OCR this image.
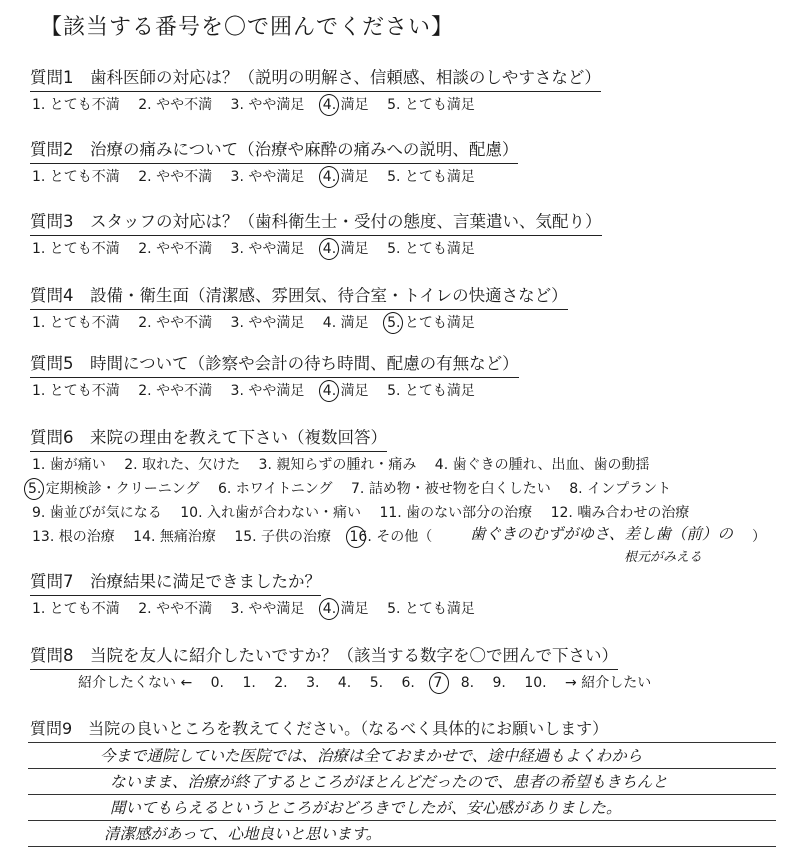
【該当する番号を〇で囲んでください】
質問1　歯科医師の対応は？（説明の明解さ、信頼感、相談のしやすさなど）
1. とても不満 2. やや不満 3. やや満足 4. 満足 5. とても満足
質問2　治療の痛みについて（治療や麻酔の痛みへの説明、配慮）
1. とても不満 2. やや不満 3. やや満足 4. 満足 5. とても満足
質問3　スタッフの対応は？（歯科衛生士・受付の態度、言葉遣い、気配り）
1. とても不満 2. やや不満 3. やや満足 4. 満足 5. とても満足
質問4　設備・衛生面（清潔感、雰囲気、待合室・トイレの快適さなど）
1. とても不満 2. やや不満 3. やや満足 4. 満足 5. とても満足
質問5　時間について（診察や会計の待ち時間、配慮の有無など）
1. とても不満 2. やや不満 3. やや満足 4. 満足 5. とても満足
質問6　来院の理由を教えて下さい（複数回答）
1. 歯が痛い 2. 取れた、欠けた 3. 親知らずの腫れ・痛み 4. 歯ぐきの腫れ、出血、歯の動揺
5. 定期検診・クリーニング 6. ホワイトニング 7. 詰め物・被せ物を白くしたい 8. インプラント
9. 歯並びが気になる 10. 入れ歯が合わない・痛い 11. 歯のない部分の治療 12. 噛み合わせの治療
13. 根の治療 14. 無痛治療 15. 子供の治療 16. その他（	歯ぐきのむずがゆさ、差し歯（前）の ）
根元がみえる
質問7　治療結果に満足できましたか？
1. とても不満 2. やや不満 3. やや満足 4. 満足 5. とても満足
質問8　当院を友人に紹介したいですか？（該当する数字を〇で囲んで下さい）
紹介したくない ← 0. 1. 2. 3. 4. 5. 6. 7 8. 9. 10. → 紹介したい
質問9　当院の良いところを教えてください。（なるべく具体的にお願いします）
今まで通院していた医院では、治療は全ておまかせで、途中経過もよくわから
ないまま、治療が終了するところがほとんどだったので、患者の希望もきちんと
聞いてもらえるというところがおどろきでしたが、安心感がありました。
清潔感があって、心地良いと思います。
